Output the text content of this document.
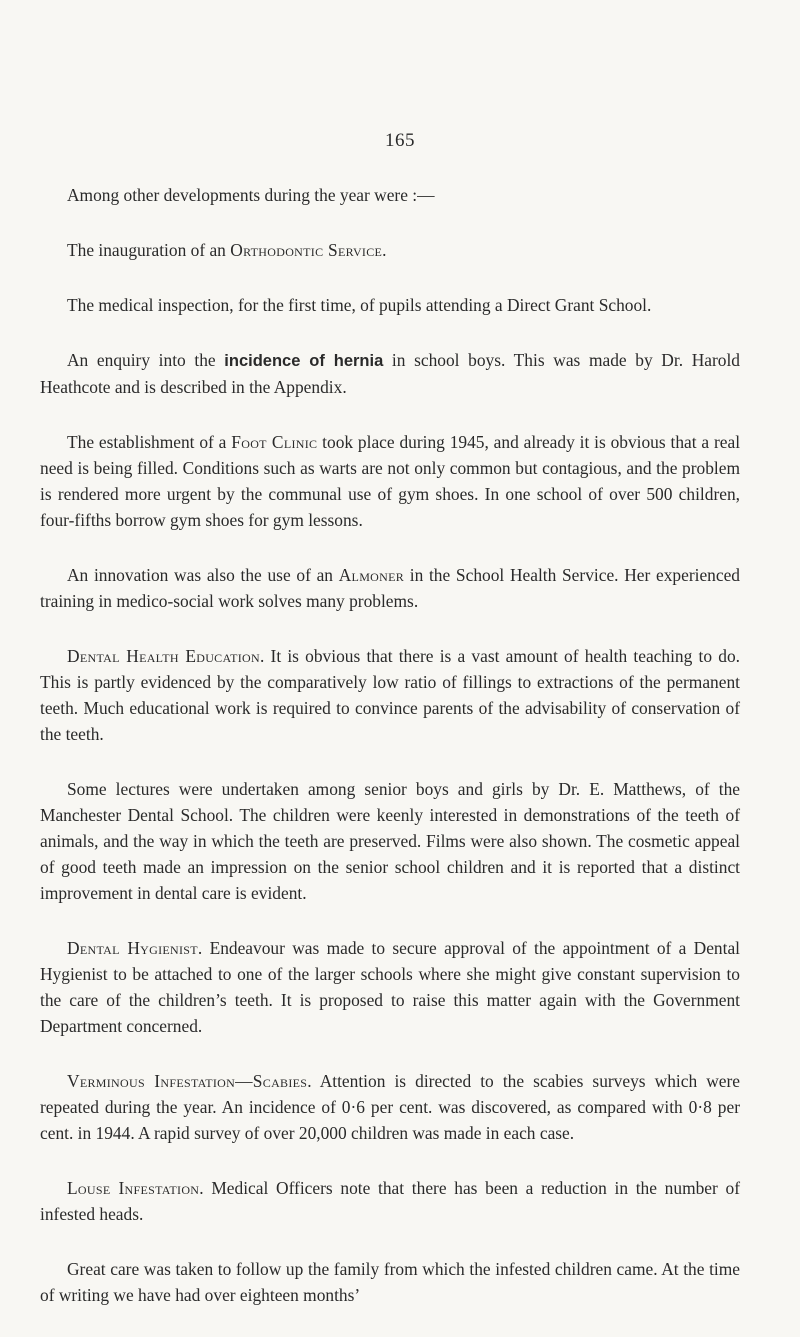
165

Among other developments during the year were :—

The inauguration of an Orthodontic Service.

The medical inspection, for the first time, of pupils attending a Direct Grant School.

An enquiry into the incidence of hernia in school boys. This was made by Dr. Harold Heathcote and is described in the Appendix.

The establishment of a Foot Clinic took place during 1945, and already it is obvious that a real need is being filled. Conditions such as warts are not only common but contagious, and the problem is rendered more urgent by the communal use of gym shoes. In one school of over 500 children, four-fifths borrow gym shoes for gym lessons.

An innovation was also the use of an Almoner in the School Health Service. Her experienced training in medico-social work solves many problems.

Dental Health Education. It is obvious that there is a vast amount of health teaching to do. This is partly evidenced by the comparatively low ratio of fillings to extractions of the permanent teeth. Much educational work is required to convince parents of the advisability of conservation of the teeth.

Some lectures were undertaken among senior boys and girls by Dr. E. Matthews, of the Manchester Dental School. The children were keenly interested in demonstrations of the teeth of animals, and the way in which the teeth are preserved. Films were also shown. The cosmetic appeal of good teeth made an impression on the senior school children and it is reported that a distinct improvement in dental care is evident.

Dental Hygienist. Endeavour was made to secure approval of the appointment of a Dental Hygienist to be attached to one of the larger schools where she might give constant supervision to the care of the children’s teeth. It is proposed to raise this matter again with the Government Department concerned.

Verminous Infestation—Scabies. Attention is directed to the scabies surveys which were repeated during the year. An incidence of 0·6 per cent. was discovered, as compared with 0·8 per cent. in 1944. A rapid survey of over 20,000 children was made in each case.

Louse Infestation. Medical Officers note that there has been a reduction in the number of infested heads.

Great care was taken to follow up the family from which the infested children came. At the time of writing we have had over eighteen months’
